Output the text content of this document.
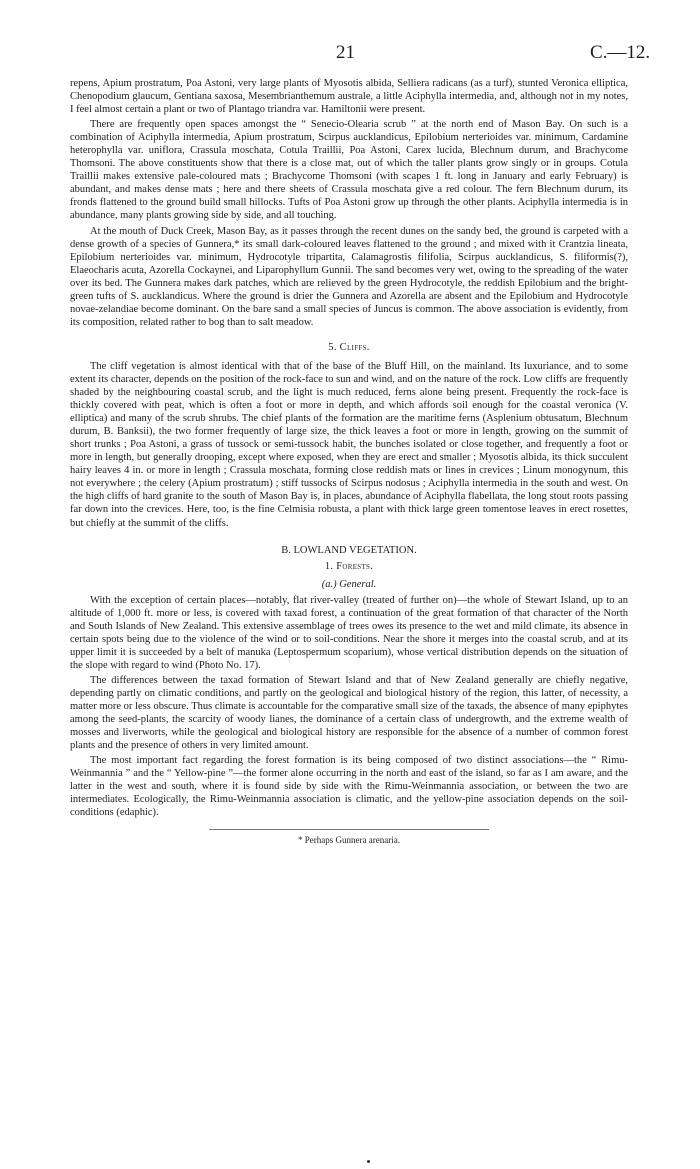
21	C.—12.

repens, Apium prostratum, Poa Astoni, very large plants of Myosotis albida, Selliera radicans (as a turf), stunted Veronica elliptica, Chenopodium glaucum, Gentiana saxosa, Mesembrianthemum australe, a little Aciphylla intermedia, and, although not in my notes, I feel almost certain a plant or two of Plantago triandra var. Hamiltonii were present.

There are frequently open spaces amongst the “ Senecio-Olearia scrub ” at the north end of Mason Bay. On such is a combination of Aciphylla intermedia, Apium prostratum, Scirpus aucklandicus, Epilobium nerterioides var. minimum, Cardamine heterophylla var. uniflora, Crassula moschata, Cotula Traillii, Poa Astoni, Carex lucida, Blechnum durum, and Brachycome Thomsoni. The above constituents show that there is a close mat, out of which the taller plants grow singly or in groups. Cotula Traillii makes extensive pale-coloured mats ; Brachycome Thomsoni (with scapes 1 ft. long in January and early February) is abundant, and makes dense mats ; here and there sheets of Crassula moschata give a red colour. The fern Blechnum durum, its fronds flattened to the ground build small hillocks. Tufts of Poa Astoni grow up through the other plants. Aciphylla intermedia is in abundance, many plants growing side by side, and all touching.

At the mouth of Duck Creek, Mason Bay, as it passes through the recent dunes on the sandy bed, the ground is carpeted with a dense growth of a species of Gunnera,* its small dark-coloured leaves flattened to the ground ; and mixed with it Crantzia lineata, Epilobium nerterioides var. minimum, Hydrocotyle tripartita, Calamagrostis filifolia, Scirpus aucklandicus, S. filiformis(?), Elaeocharis acuta, Azorella Cockaynei, and Liparophyllum Gunnii. The sand becomes very wet, owing to the spreading of the water over its bed. The Gunnera makes dark patches, which are relieved by the green Hydrocotyle, the reddish Epilobium and the bright-green tufts of S. aucklandicus. Where the ground is drier the Gunnera and Azorella are absent and the Epilobium and Hydrocotyle novae-zelandiae become dominant. On the bare sand a small species of Juncus is common. The above association is evidently, from its composition, related rather to bog than to salt meadow.

5. Cliffs.

The cliff vegetation is almost identical with that of the base of the Bluff Hill, on the mainland. Its luxuriance, and to some extent its character, depends on the position of the rock-face to sun and wind, and on the nature of the rock. Low cliffs are frequently shaded by the neighbouring coastal scrub, and the light is much reduced, ferns alone being present. Frequently the rock-face is thickly covered with peat, which is often a foot or more in depth, and which affords soil enough for the coastal veronica (V. elliptica) and many of the scrub shrubs. The chief plants of the formation are the maritime ferns (Asplenium obtusatum, Blechnum durum, B. Banksii), the two former frequently of large size, the thick leaves a foot or more in length, growing on the summit of short trunks ; Poa Astoni, a grass of tussock or semi-tussock habit, the bunches isolated or close together, and frequently a foot or more in length, but generally drooping, except where exposed, when they are erect and smaller ; Myosotis albida, its thick succulent hairy leaves 4 in. or more in length ; Crassula moschata, forming close reddish mats or lines in crevices ; Linum monogynum, this not everywhere ; the celery (Apium prostratum) ; stiff tussocks of Scirpus nodosus ; Aciphylla intermedia in the south and west. On the high cliffs of hard granite to the south of Mason Bay is, in places, abundance of Aciphylla flabellata, the long stout roots passing far down into the crevices. Here, too, is the fine Celmisia robusta, a plant with thick large green tomentose leaves in erect rosettes, but chiefly at the summit of the cliffs.

B. LOWLAND VEGETATION.
1. Forests.
(a.) General.

With the exception of certain places—notably, flat river-valley (treated of further on)—the whole of Stewart Island, up to an altitude of 1,000 ft. more or less, is covered with taxad forest, a continuation of the great formation of that character of the North and South Islands of New Zealand. This extensive assemblage of trees owes its presence to the wet and mild climate, its absence in certain spots being due to the violence of the wind or to soil-conditions. Near the shore it merges into the coastal scrub, and at its upper limit it is succeeded by a belt of manuka (Leptospermum scoparium), whose vertical distribution depends on the situation of the slope with regard to wind (Photo No. 17).

The differences between the taxad formation of Stewart Island and that of New Zealand generally are chiefly negative, depending partly on climatic conditions, and partly on the geological and biological history of the region, this latter, of necessity, a matter more or less obscure. Thus climate is accountable for the comparative small size of the taxads, the absence of many epiphytes among the seed-plants, the scarcity of woody lianes, the dominance of a certain class of undergrowth, and the extreme wealth of mosses and liverworts, while the geological and biological history are responsible for the absence of a number of common forest plants and the presence of others in very limited amount.

The most important fact regarding the forest formation is its being composed of two distinct associations—the “ Rimu-Weinmannia ” and the “ Yellow-pine ”—the former alone occurring in the north and east of the island, so far as I am aware, and the latter in the west and south, where it is found side by side with the Rimu-Weinmannia association, or between the two are intermediates. Ecologically, the Rimu-Weinmannia association is climatic, and the yellow-pine association depends on the soil-conditions (edaphic).

* Perhaps Gunnera arenaria.
